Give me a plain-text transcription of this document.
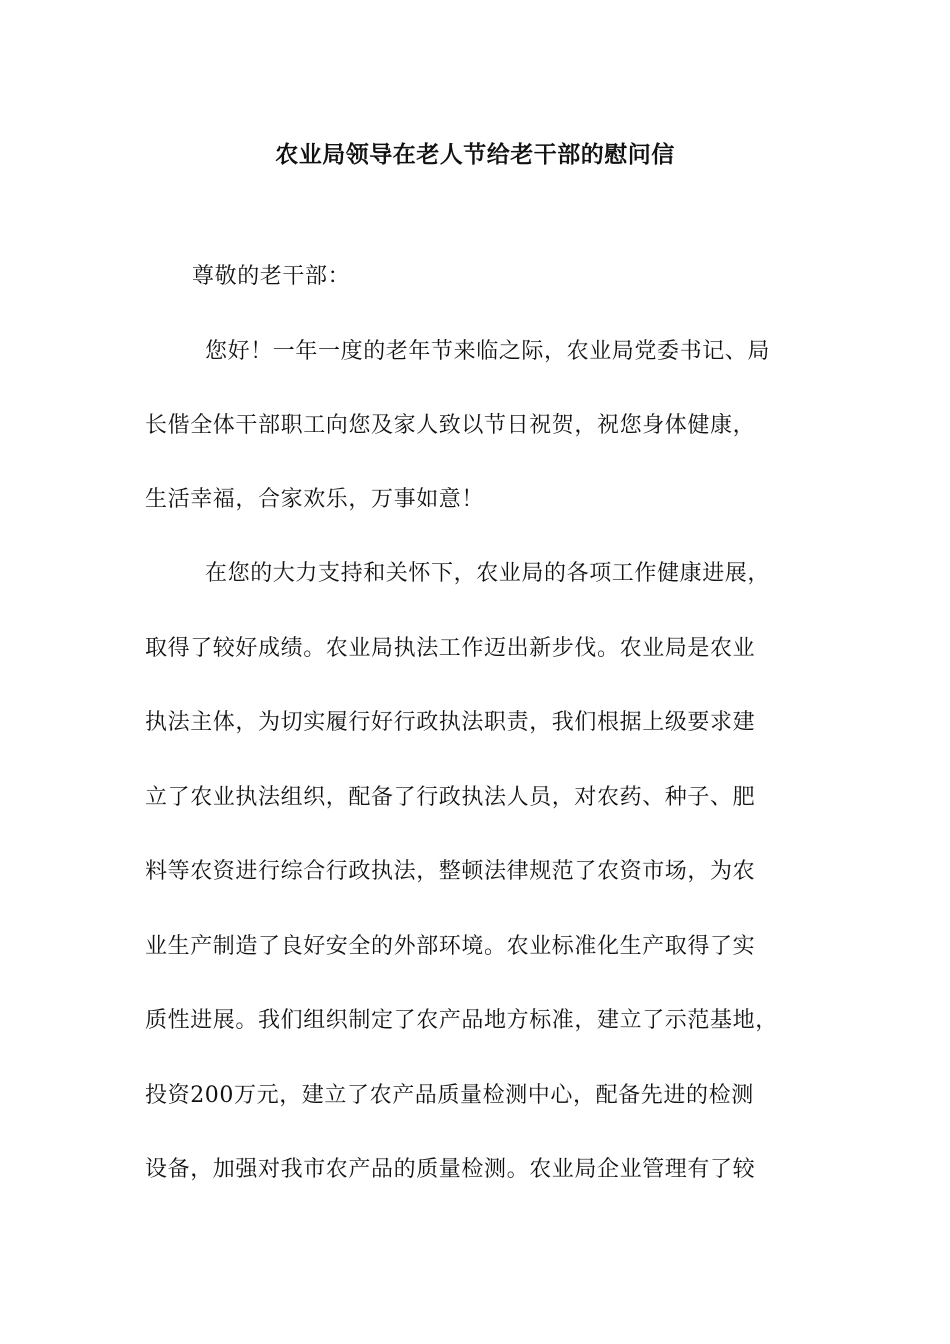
农业局领导在老人节给老干部的慰问信
尊敬的老干部：
您好！一年一度的老年节来临之际，农业局党委书记、局
长偕全体干部职工向您及家人致以节日祝贺，祝您身体健康，
生活幸福，合家欢乐，万事如意！
在您的大力支持和关怀下，农业局的各项工作健康进展，
取得了较好成绩。农业局执法工作迈出新步伐。农业局是农业
执法主体，为切实履行好行政执法职责，我们根据上级要求建
立了农业执法组织，配备了行政执法人员，对农药、种子、肥
料等农资进行综合行政执法，整顿法律规范了农资市场，为农
业生产制造了良好安全的外部环境。农业标准化生产取得了实
质性进展。我们组织制定了农产品地方标准，建立了示范基地，
投资200万元，建立了农产品质量检测中心，配备先进的检测
设备，加强对我市农产品的质量检测。农业局企业管理有了较
